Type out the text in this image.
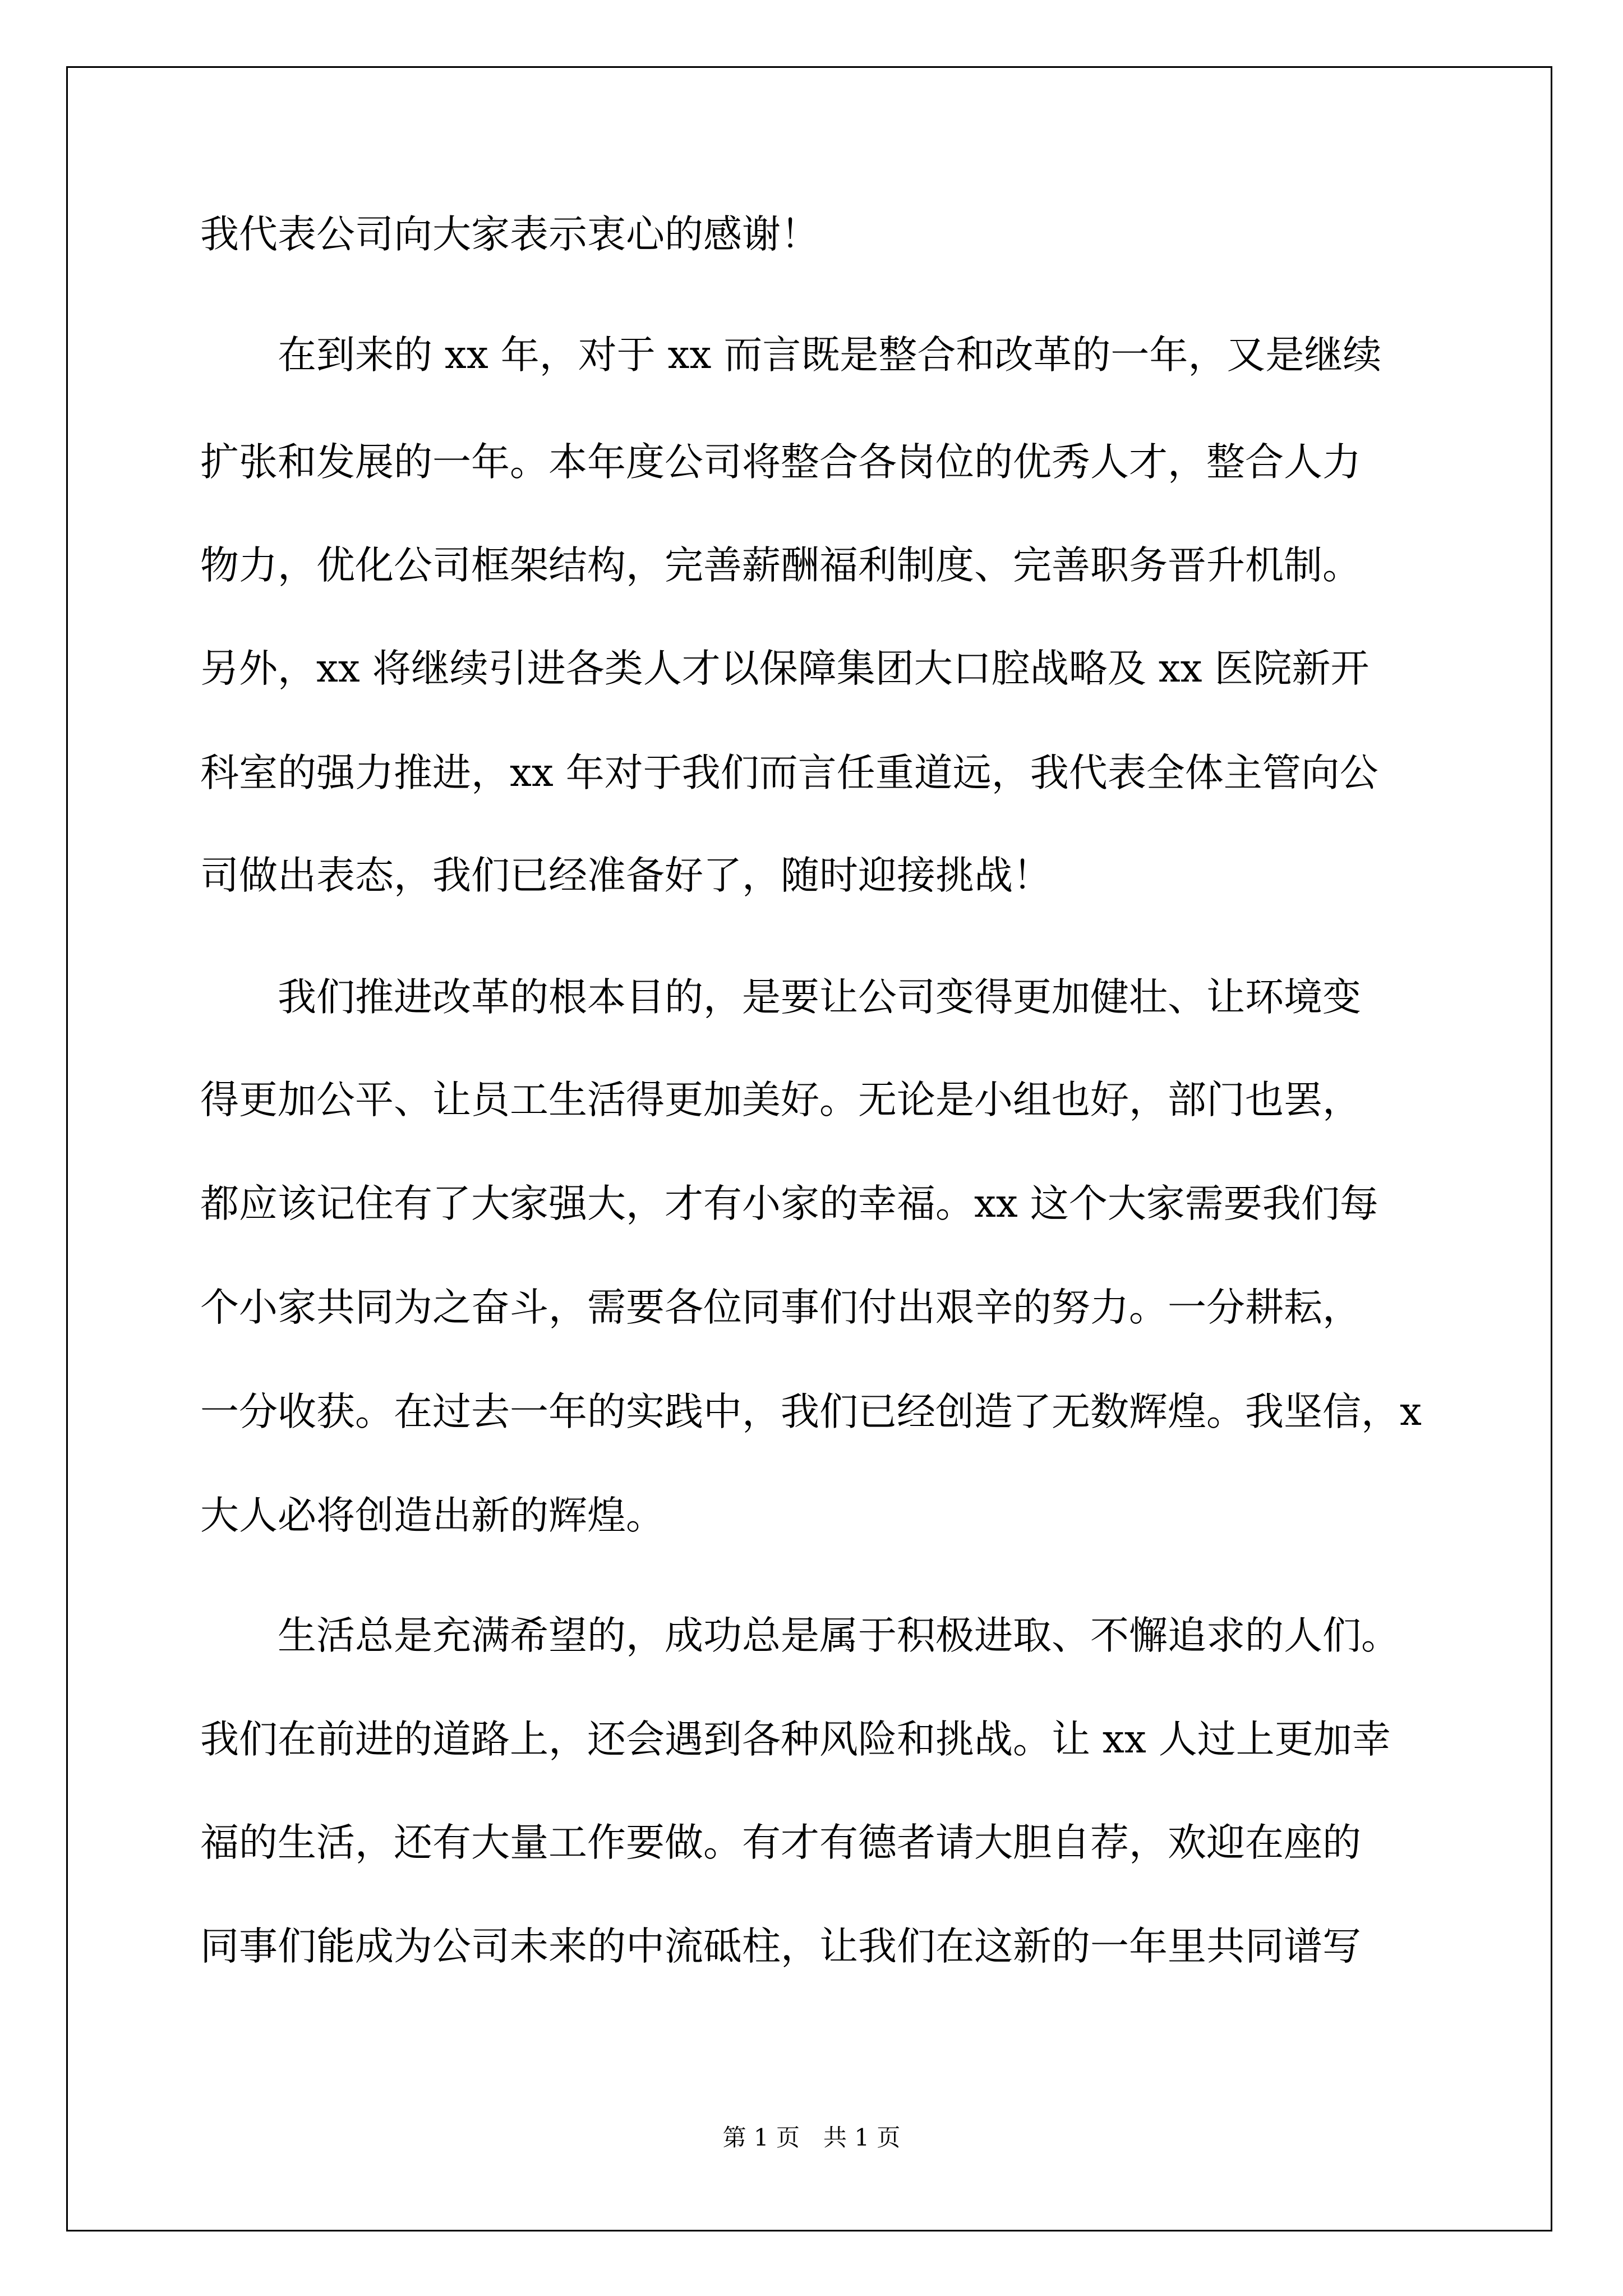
我代表公司向大家表示衷心的感谢！
　　在到来的 xx 年，对于 xx 而言既是整合和改革的一年，又是继续
扩张和发展的一年。本年度公司将整合各岗位的优秀人才，整合人力
物力，优化公司框架结构，完善薪酬福利制度、完善职务晋升机制。
另外，xx 将继续引进各类人才以保障集团大口腔战略及 xx 医院新开
科室的强力推进，xx 年对于我们而言任重道远，我代表全体主管向公
司做出表态，我们已经准备好了，随时迎接挑战！
　　我们推进改革的根本目的，是要让公司变得更加健壮、让环境变
得更加公平、让员工生活得更加美好。无论是小组也好，部门也罢，
都应该记住有了大家强大，才有小家的幸福。xx 这个大家需要我们每
个小家共同为之奋斗，需要各位同事们付出艰辛的努力。一分耕耘，
一分收获。在过去一年的实践中，我们已经创造了无数辉煌。我坚信，x
大人必将创造出新的辉煌。
　　生活总是充满希望的，成功总是属于积极进取、不懈追求的人们。
我们在前进的道路上，还会遇到各种风险和挑战。让 xx 人过上更加幸
福的生活，还有大量工作要做。有才有德者请大胆自荐，欢迎在座的
同事们能成为公司未来的中流砥柱，让我们在这新的一年里共同谱写
第 1 页　共 1 页
